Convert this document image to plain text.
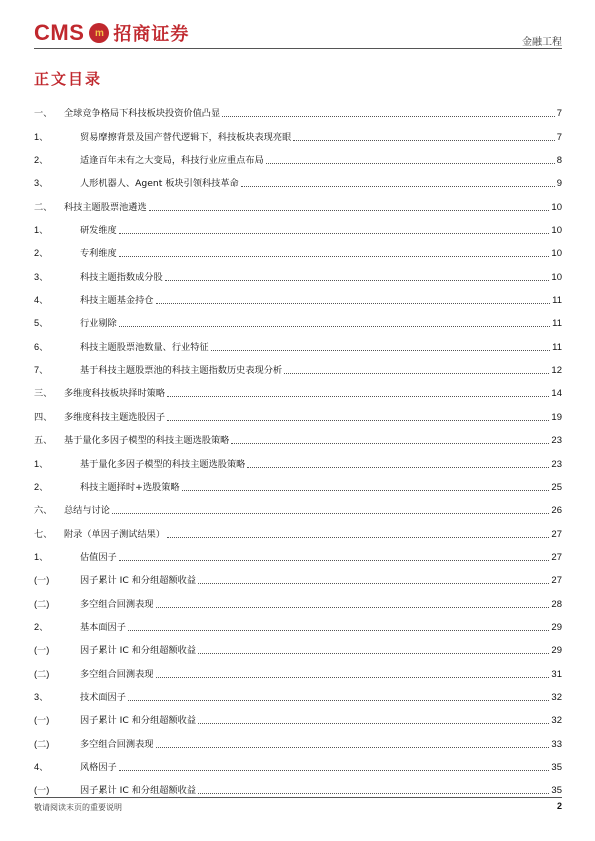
CMS m 招商证券	金融工程
正文目录
一、	全球竞争格局下科技板块投资价值凸显	7
1、	贸易摩擦背景及国产替代逻辑下，科技板块表现亮眼	7
2、	适逢百年未有之大变局，科技行业应重点布局	8
3、	人形机器人、Agent 板块引领科技革命	9
二、	科技主题股票池遴选	10
1、	研发维度	10
2、	专利维度	10
3、	科技主题指数成分股	10
4、	科技主题基金持仓	11
5、	行业剔除	11
6、	科技主题股票池数量、行业特征	11
7、	基于科技主题股票池的科技主题指数历史表现分析	12
三、	多维度科技板块择时策略	14
四、	多维度科技主题选股因子	19
五、	基于量化多因子模型的科技主题选股策略	23
1、	基于量化多因子模型的科技主题选股策略	23
2、	科技主题择时+选股策略	25
六、	总结与讨论	26
七、	附录（单因子测试结果）	27
1、	估值因子	27
(一)	因子累计 IC 和分组超额收益	27
(二)	多空组合回测表现	28
2、	基本面因子	29
(一)	因子累计 IC 和分组超额收益	29
(二)	多空组合回测表现	31
3、	技术面因子	32
(一)	因子累计 IC 和分组超额收益	32
(二)	多空组合回测表现	33
4、	风格因子	35
(一)	因子累计 IC 和分组超额收益	35
敬请阅读末页的重要说明	2
